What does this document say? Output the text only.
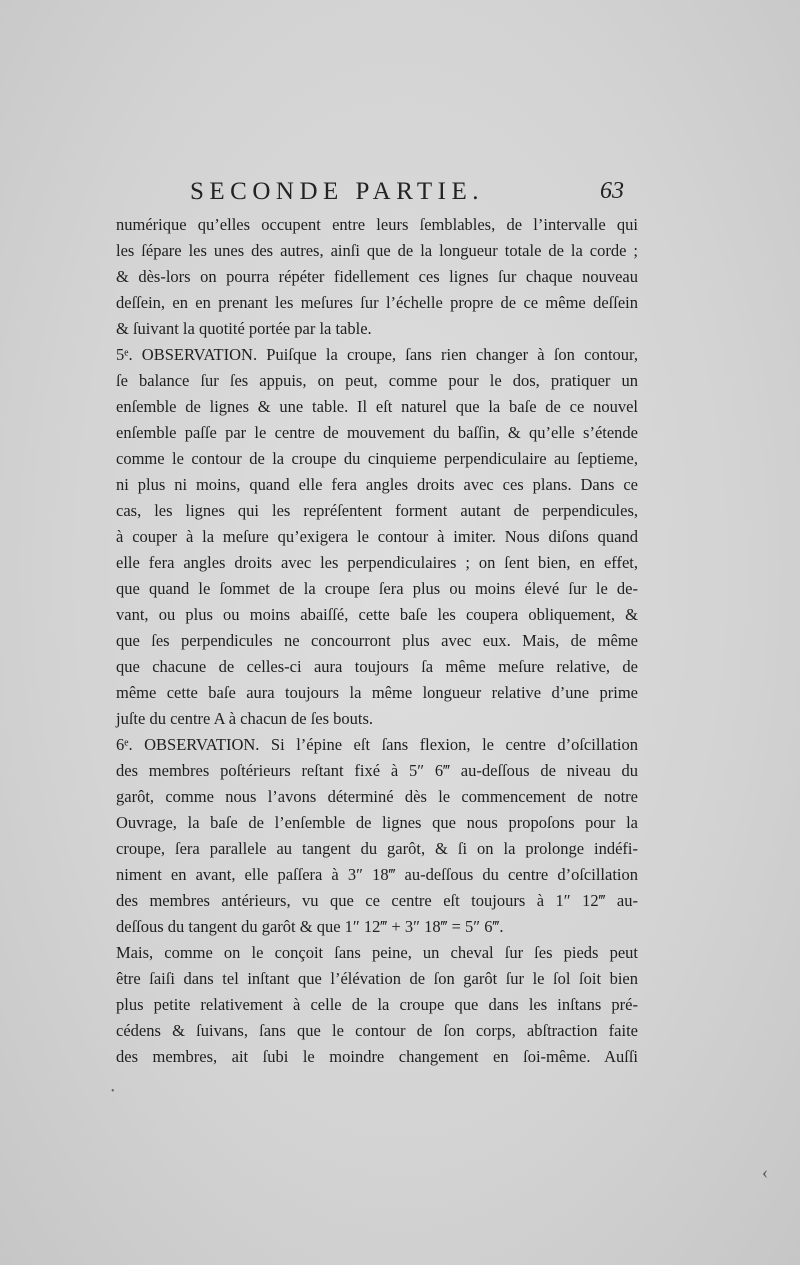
SECONDE PARTIE.	63
numérique qu’elles occupent entre leurs ſemblables, de l’intervalle qui
les ſépare les unes des autres, ainſi que de la longueur totale de la corde ;
& dès-lors on pourra répéter fidellement ces lignes ſur chaque nouveau
deſſein, en en prenant les meſures ſur l’échelle propre de ce même deſſein
& ſuivant la quotité portée par la table.
5ᵉ. OBSERVATION. Puiſque la croupe, ſans rien changer à ſon contour,
ſe balance ſur ſes appuis, on peut, comme pour le dos, pratiquer un
enſemble de lignes & une table. Il eſt naturel que la baſe de ce nouvel
enſemble paſſe par le centre de mouvement du baſſin, & qu’elle s’étende
comme le contour de la croupe du cinquieme perpendiculaire au ſeptieme,
ni plus ni moins, quand elle fera angles droits avec ces plans. Dans ce
cas, les lignes qui les repréſentent forment autant de perpendicules,
à couper à la meſure qu’exigera le contour à imiter. Nous diſons quand
elle fera angles droits avec les perpendiculaires ; on ſent bien, en effet,
que quand le ſommet de la croupe ſera plus ou moins élevé ſur le de-
vant, ou plus ou moins abaiſſé, cette baſe les coupera obliquement, &
que ſes perpendicules ne concourront plus avec eux. Mais, de même
que chacune de celles-ci aura toujours ſa même meſure relative, de
même cette baſe aura toujours la même longueur relative d’une prime
juſte du centre A à chacun de ſes bouts.
6ᵉ. OBSERVATION. Si l’épine eſt ſans flexion, le centre d’oſcillation
des membres poſtérieurs reſtant fixé à 5″ 6‴ au-deſſous de niveau du
garôt, comme nous l’avons déterminé dès le commencement de notre
Ouvrage, la baſe de l’enſemble de lignes que nous propoſons pour la
croupe, ſera parallele au tangent du garôt, & ſi on la prolonge indéfi-
niment en avant, elle paſſera à 3″ 18‴ au-deſſous du centre d’oſcillation
des membres antérieurs, vu que ce centre eſt toujours à 1″ 12‴ au-
deſſous du tangent du garôt & que 1″ 12‴ + 3″ 18‴ = 5″ 6‴.
Mais, comme on le conçoit ſans peine, un cheval ſur ſes pieds peut
être ſaiſi dans tel inſtant que l’élévation de ſon garôt ſur le ſol ſoit bien
plus petite relativement à celle de la croupe que dans les inſtans pré-
cédens & ſuivans, ſans que le contour de ſon corps, abſtraction faite
des membres, ait ſubi le moindre changement en ſoi-même. Auſſi
•
‹
